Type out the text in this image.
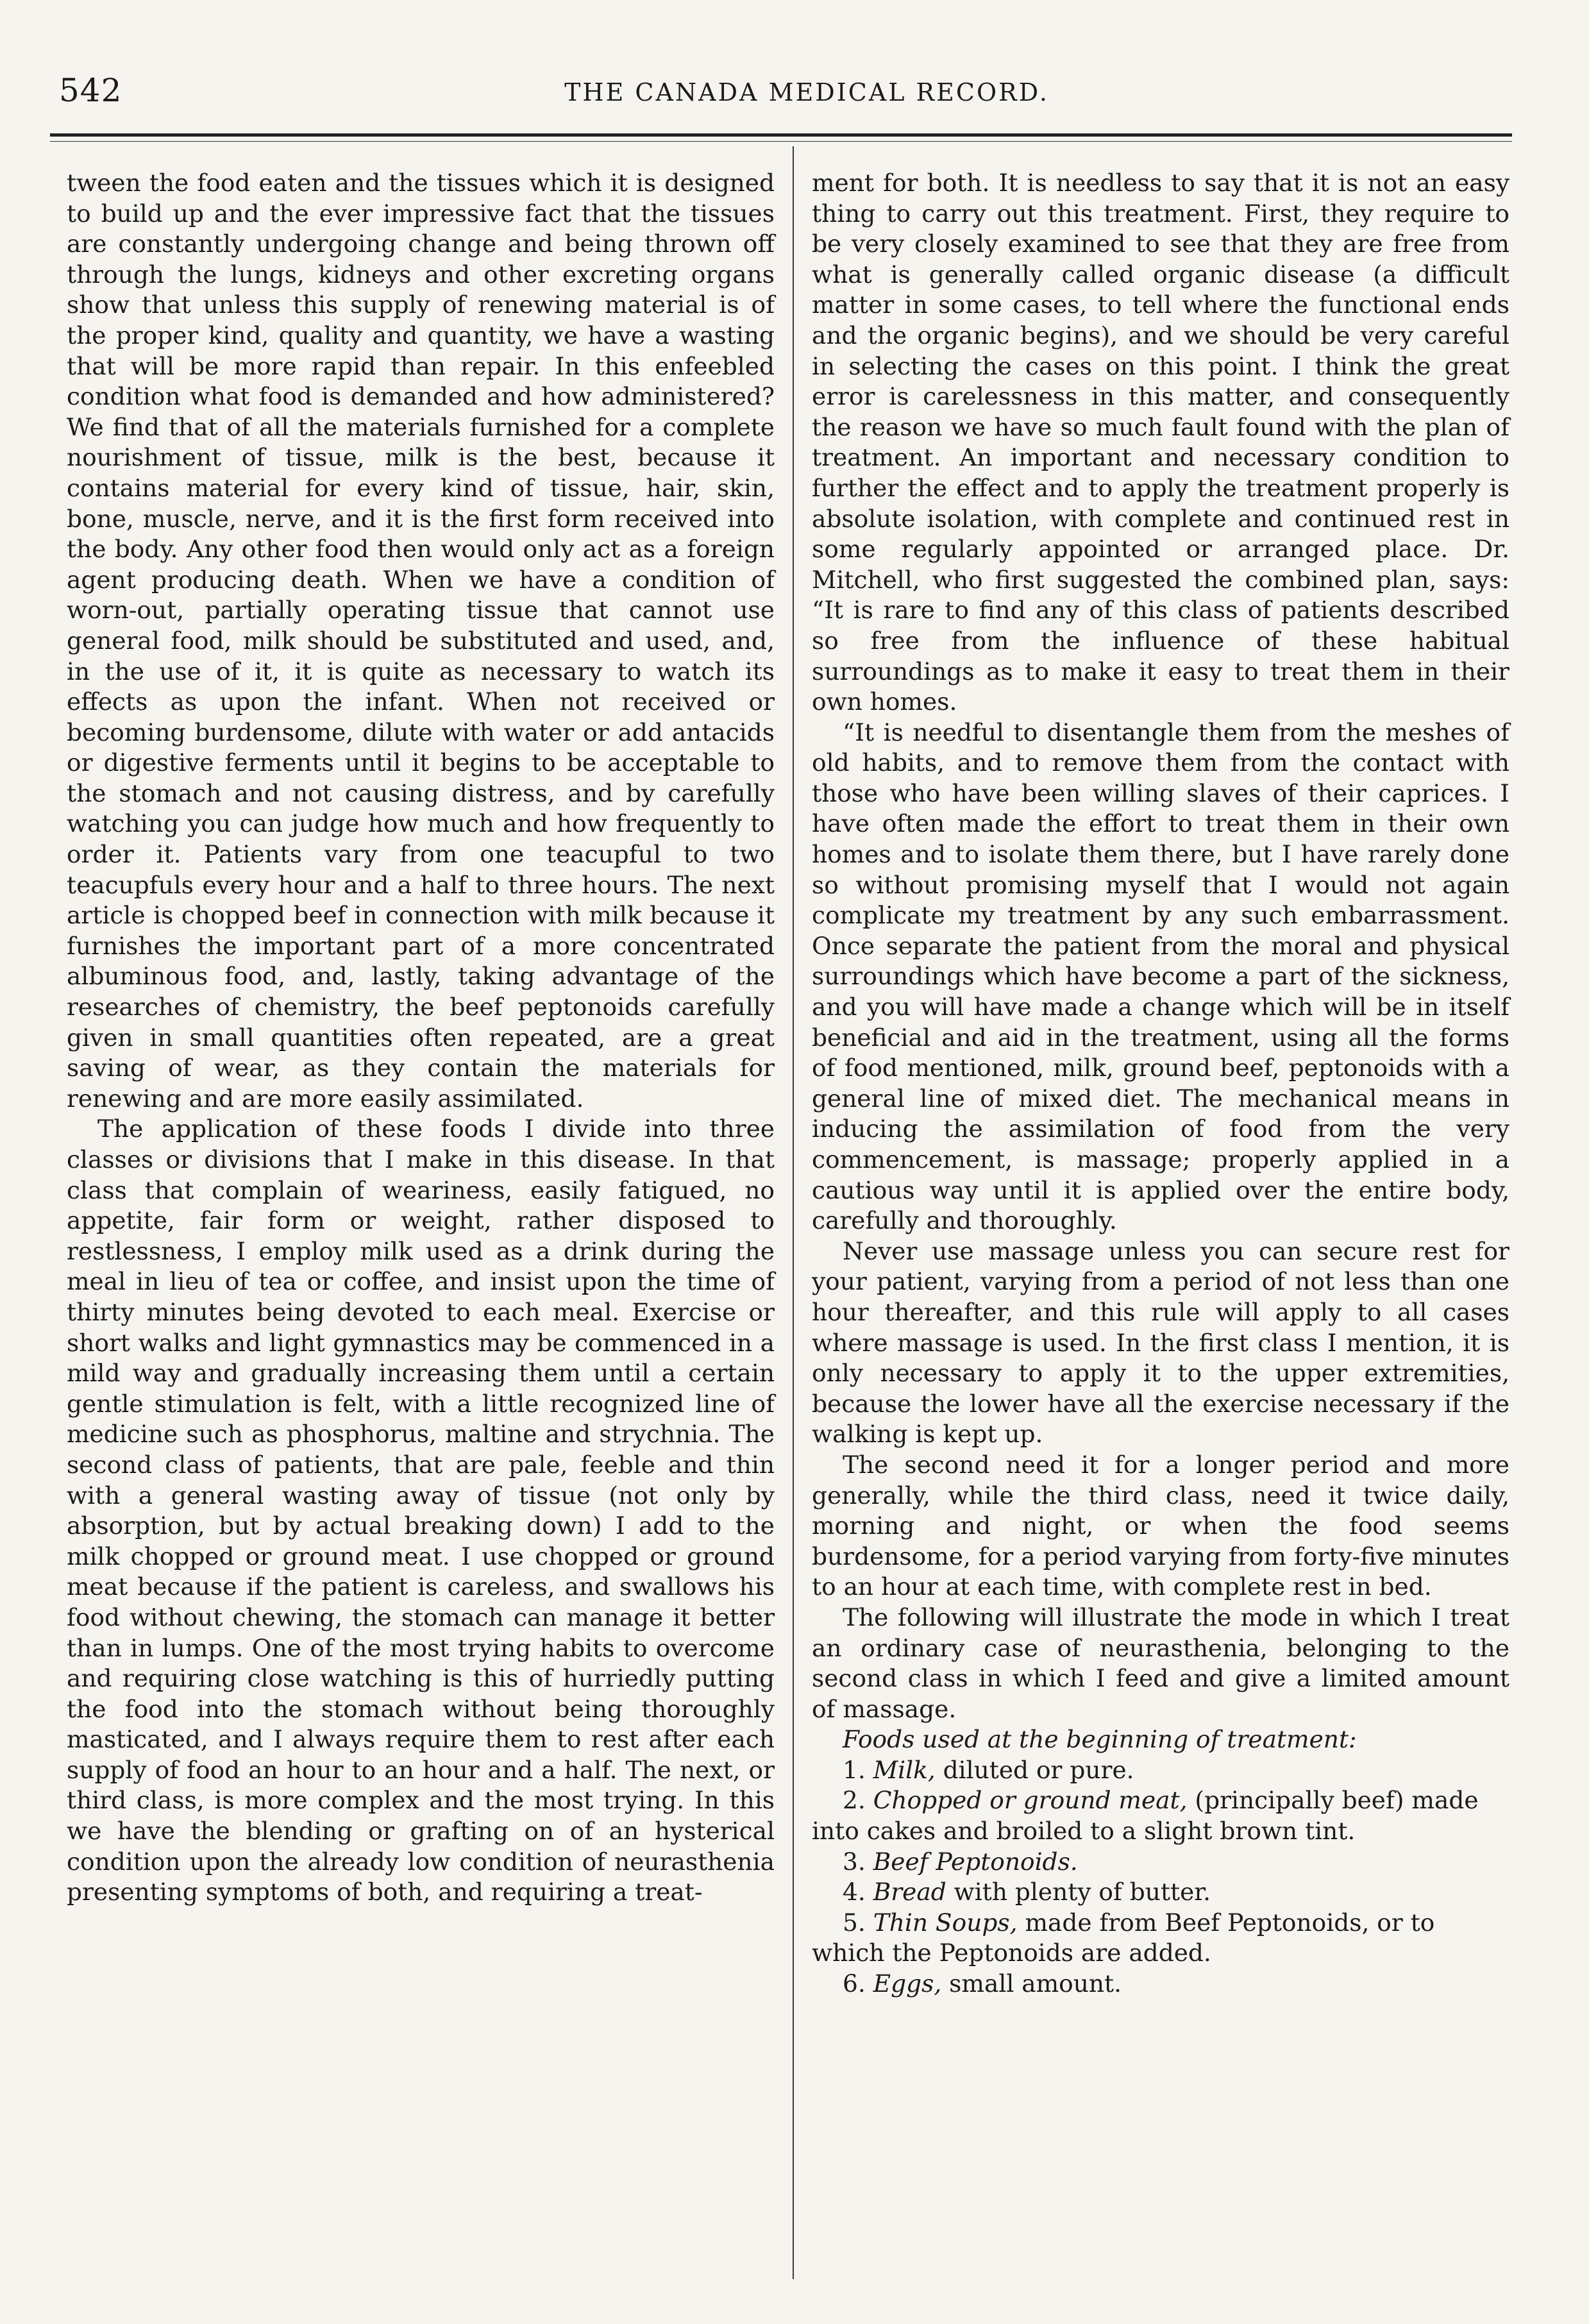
542	THE CANADA MEDICAL RECORD.

tween the food eaten and the tissues which it is designed to build up and the ever impressive fact that the tissues are constantly undergoing change and being thrown off through the lungs, kidneys and other excreting organs show that unless this supply of renewing material is of the proper kind, quality and quantity, we have a wasting that will be more rapid than repair. In this enfeebled condition what food is demanded and how administered? We find that of all the materials furnished for a complete nourishment of tissue, milk is the best, because it contains material for every kind of tissue, hair, skin, bone, muscle, nerve, and it is the first form received into the body. Any other food then would only act as a foreign agent producing death. When we have a condition of worn-out, partially operating tissue that cannot use general food, milk should be substituted and used, and, in the use of it, it is quite as necessary to watch its effects as upon the infant. When not received or becoming burdensome, dilute with water or add antacids or digestive ferments until it begins to be acceptable to the stomach and not causing distress, and by carefully watching you can judge how much and how frequently to order it. Patients vary from one teacupful to two teacupfuls every hour and a half to three hours. The next article is chopped beef in connection with milk because it furnishes the important part of a more concentrated albuminous food, and, lastly, taking advantage of the researches of chemistry, the beef peptonoids carefully given in small quantities often repeated, are a great saving of wear, as they contain the materials for renewing and are more easily assimilated.

The application of these foods I divide into three classes or divisions that I make in this disease. In that class that complain of weariness, easily fatigued, no appetite, fair form or weight, rather disposed to restlessness, I employ milk used as a drink during the meal in lieu of tea or coffee, and insist upon the time of thirty minutes being devoted to each meal. Exercise or short walks and light gymnastics may be commenced in a mild way and gradually increasing them until a certain gentle stimulation is felt, with a little recognized line of medicine such as phosphorus, maltine and strychnia. The second class of patients, that are pale, feeble and thin with a general wasting away of tissue (not only by absorption, but by actual breaking down) I add to the milk chopped or ground meat. I use chopped or ground meat because if the patient is careless, and swallows his food without chewing, the stomach can manage it better than in lumps. One of the most trying habits to overcome and requiring close watching is this of hurriedly putting the food into the stomach without being thoroughly masticated, and I always require them to rest after each supply of food an hour to an hour and a half. The next, or third class, is more complex and the most trying. In this we have the blending or grafting on of an hysterical condition upon the already low condition of neurasthenia presenting symptoms of both, and requiring a treat-

ment for both. It is needless to say that it is not an easy thing to carry out this treatment. First, they require to be very closely examined to see that they are free from what is generally called organic disease (a difficult matter in some cases, to tell where the functional ends and the organic begins), and we should be very careful in selecting the cases on this point. I think the great error is carelessness in this matter, and consequently the reason we have so much fault found with the plan of treatment. An important and necessary condition to further the effect and to apply the treatment properly is absolute isolation, with complete and continued rest in some regularly appointed or arranged place. Dr. Mitchell, who first suggested the combined plan, says: “It is rare to find any of this class of patients described so free from the influence of these habitual surroundings as to make it easy to treat them in their own homes.

“It is needful to disentangle them from the meshes of old habits, and to remove them from the contact with those who have been willing slaves of their caprices. I have often made the effort to treat them in their own homes and to isolate them there, but I have rarely done so without promising myself that I would not again complicate my treatment by any such embarrassment. Once separate the patient from the moral and physical surroundings which have become a part of the sickness, and you will have made a change which will be in itself beneficial and aid in the treatment, using all the forms of food mentioned, milk, ground beef, peptonoids with a general line of mixed diet. The mechanical means in inducing the assimilation of food from the very commencement, is massage; properly applied in a cautious way until it is applied over the entire body, carefully and thoroughly.

Never use massage unless you can secure rest for your patient, varying from a period of not less than one hour thereafter, and this rule will apply to all cases where massage is used. In the first class I mention, it is only necessary to apply it to the upper extremities, because the lower have all the exercise necessary if the walking is kept up.

The second need it for a longer period and more generally, while the third class, need it twice daily, morning and night, or when the food seems burdensome, for a period varying from forty-five minutes to an hour at each time, with complete rest in bed.

The following will illustrate the mode in which I treat an ordinary case of neurasthenia, belonging to the second class in which I feed and give a limited amount of massage.

Foods used at the beginning of treatment:

1. Milk, diluted or pure.
2. Chopped or ground meat, (principally beef) made into cakes and broiled to a slight brown tint.
3. Beef Peptonoids.
4. Bread with plenty of butter.
5. Thin Soups, made from Beef Peptonoids, or to which the Peptonoids are added.
6. Eggs, small amount.
